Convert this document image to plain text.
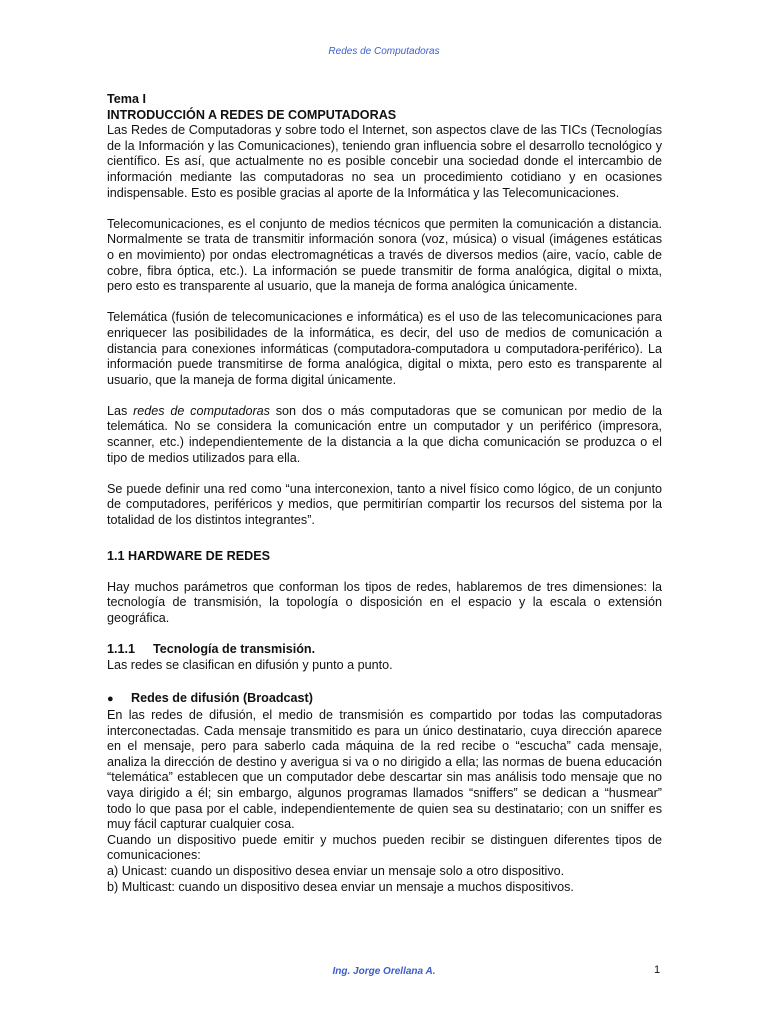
Redes de Computadoras

Tema I

INTRODUCCIÓN A REDES DE COMPUTADORAS

Las Redes de Computadoras y sobre todo el Internet, son aspectos clave de las TICs (Tecnologías de la Información y las Comunicaciones), teniendo gran influencia sobre el desarrollo tecnológico y científico. Es así, que actualmente no es posible concebir una sociedad donde el intercambio de información mediante las computadoras no sea un procedimiento cotidiano y en ocasiones indispensable. Esto es posible gracias al aporte de la Informática y las Telecomunicaciones.

Telecomunicaciones, es el conjunto de medios técnicos que permiten la comunicación a distancia. Normalmente se trata de transmitir información sonora (voz, música) o visual (imágenes estáticas o en movimiento) por ondas electromagnéticas a través de diversos medios (aire, vacío, cable de cobre, fibra óptica, etc.). La información se puede transmitir de forma analógica, digital o mixta, pero esto es transparente al usuario, que la maneja de forma analógica únicamente.

Telemática (fusión de telecomunicaciones e informática) es el uso de las telecomunicaciones para enriquecer las posibilidades de la informática, es decir, del uso de medios de comunicación a distancia para conexiones informáticas (computadora-computadora u computadora-periférico). La información puede transmitirse de forma analógica, digital o mixta, pero esto es transparente al usuario, que la maneja de forma digital únicamente.

Las redes de computadoras son dos o más computadoras que se comunican por medio de la telemática. No se considera la comunicación entre un computador y un periférico (impresora, scanner, etc.) independientemente de la distancia a la que dicha comunicación se produzca o el tipo de medios utilizados para ella.

Se puede definir una red como “una interconexion, tanto a nivel físico como lógico, de un conjunto de computadores, periféricos y medios, que permitirían compartir los recursos del sistema por la totalidad de los distintos integrantes”.

1.1 HARDWARE DE REDES

Hay muchos parámetros que conforman los tipos de redes, hablaremos de tres dimensiones: la tecnología de transmisión, la topología o disposición en el espacio y la escala o extensión geográfica.

1.1.1 Tecnología de transmisión.

Las redes se clasifican en difusión y punto a punto.

● Redes de difusión (Broadcast)

En las redes de difusión, el medio de transmisión es compartido por todas las computadoras interconectadas. Cada mensaje transmitido es para un único destinatario, cuya dirección aparece en el mensaje, pero para saberlo cada máquina de la red recibe o “escucha” cada mensaje, analiza la dirección de destino y averigua si va o no dirigido a ella; las normas de buena educación “telemática” establecen que un computador debe descartar sin mas análisis todo mensaje que no vaya dirigido a él; sin embargo, algunos programas llamados “sniffers” se dedican a “husmear” todo lo que pasa por el cable, independientemente de quien sea su destinatario; con un sniffer es muy fácil capturar cualquier cosa.

Cuando un dispositivo puede emitir y muchos pueden recibir se distinguen diferentes tipos de comunicaciones:

a) Unicast: cuando un dispositivo desea enviar un mensaje solo a otro dispositivo.

b) Multicast: cuando un dispositivo desea enviar un mensaje a muchos dispositivos.

Ing. Jorge Orellana A.	1
